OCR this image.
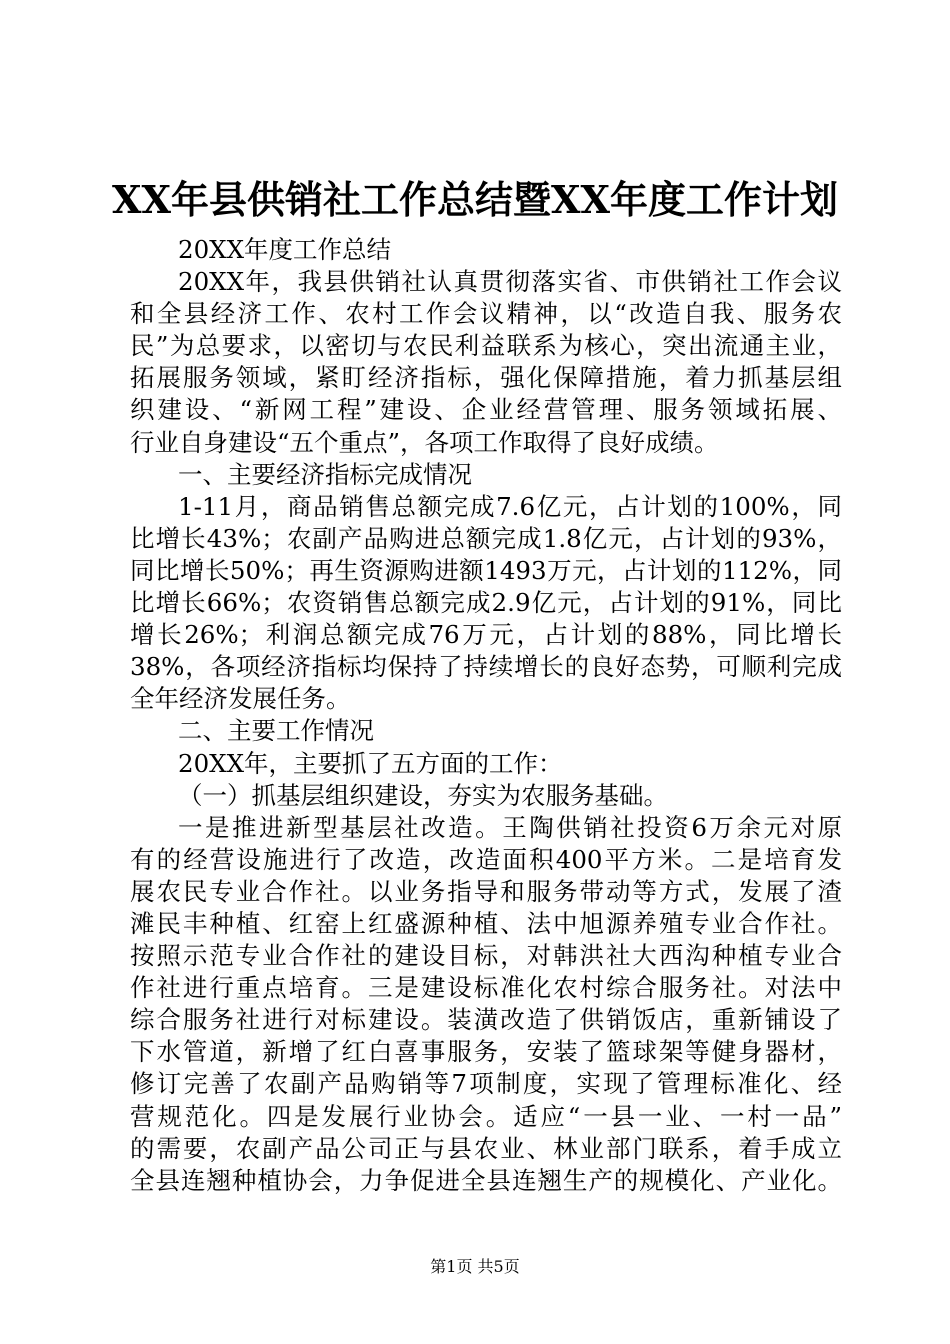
XX年县供销社工作总结暨XX年度工作计划
20XX年度工作总结
20XX年，我县供销社认真贯彻落实省、市供销社工作会议
和全县经济工作、农村工作会议精神，以“改造自我、服务农
民”为总要求，以密切与农民利益联系为核心，突出流通主业，
拓展服务领域，紧盯经济指标，强化保障措施，着力抓基层组
织建设、“新网工程”建设、企业经营管理、服务领域拓展、
行业自身建设“五个重点”，各项工作取得了良好成绩。
一、主要经济指标完成情况
1-11月，商品销售总额完成7.6亿元，占计划的100%，同
比增长43%；农副产品购进总额完成1.8亿元，占计划的93%，
同比增长50%；再生资源购进额1493万元，占计划的112%，同
比增长66%；农资销售总额完成2.9亿元，占计划的91%，同比
增长26%；利润总额完成76万元，占计划的88%，同比增长
38%，各项经济指标均保持了持续增长的良好态势，可顺利完成
全年经济发展任务。
二、主要工作情况
20XX年，主要抓了五方面的工作：
（一）抓基层组织建设，夯实为农服务基础。
一是推进新型基层社改造。王陶供销社投资6万余元对原
有的经营设施进行了改造，改造面积400平方米。二是培育发
展农民专业合作社。以业务指导和服务带动等方式，发展了渣
滩民丰种植、红窑上红盛源种植、法中旭源养殖专业合作社。
按照示范专业合作社的建设目标，对韩洪社大西沟种植专业合
作社进行重点培育。三是建设标准化农村综合服务社。对法中
综合服务社进行对标建设。装潢改造了供销饭店，重新铺设了
下水管道，新增了红白喜事服务，安装了篮球架等健身器材，
修订完善了农副产品购销等7项制度，实现了管理标准化、经
营规范化。四是发展行业协会。适应“一县一业、一村一品”
的需要，农副产品公司正与县农业、林业部门联系，着手成立
全县连翘种植协会，力争促进全县连翘生产的规模化、产业化。
第1页 共5页
